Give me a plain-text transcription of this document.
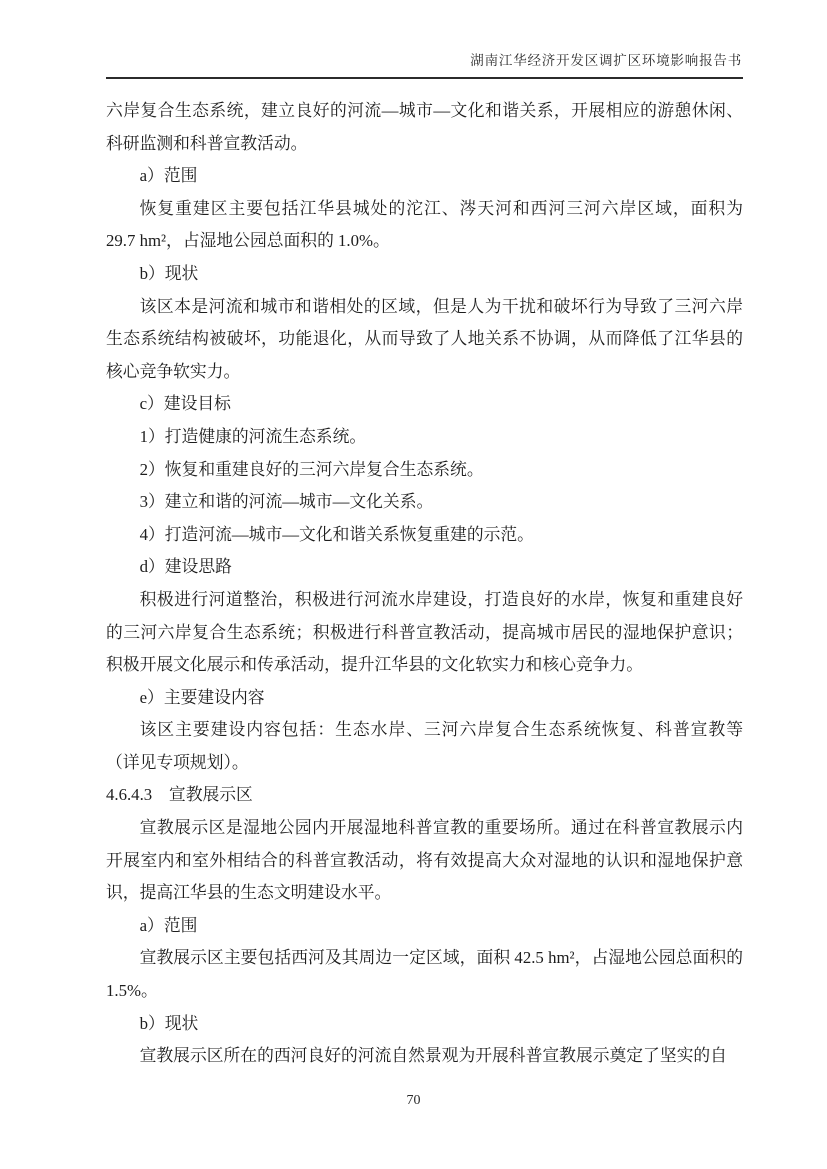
湖南江华经济开发区调扩区环境影响报告书

六岸复合生态系统，建立良好的河流—城市—文化和谐关系，开展相应的游憩休闲、科研监测和科普宣教活动。

a）范围

恢复重建区主要包括江华县城处的沱江、涔天河和西河三河六岸区域，面积为 29.7 hm²，占湿地公园总面积的 1.0%。

b）现状

该区本是河流和城市和谐相处的区域，但是人为干扰和破坏行为导致了三河六岸生态系统结构被破坏，功能退化，从而导致了人地关系不协调，从而降低了江华县的核心竞争软实力。

c）建设目标

1）打造健康的河流生态系统。

2）恢复和重建良好的三河六岸复合生态系统。

3）建立和谐的河流—城市—文化关系。

4）打造河流—城市—文化和谐关系恢复重建的示范。

d）建设思路

积极进行河道整治，积极进行河流水岸建设，打造良好的水岸，恢复和重建良好的三河六岸复合生态系统；积极进行科普宣教活动，提高城市居民的湿地保护意识；积极开展文化展示和传承活动，提升江华县的文化软实力和核心竞争力。

e）主要建设内容

该区主要建设内容包括：生态水岸、三河六岸复合生态系统恢复、科普宣教等（详见专项规划）。

4.6.4.3　宣教展示区

宣教展示区是湿地公园内开展湿地科普宣教的重要场所。通过在科普宣教展示内开展室内和室外相结合的科普宣教活动，将有效提高大众对湿地的认识和湿地保护意识，提高江华县的生态文明建设水平。

a）范围

宣教展示区主要包括西河及其周边一定区域，面积 42.5 hm²，占湿地公园总面积的 1.5%。

b）现状

宣教展示区所在的西河良好的河流自然景观为开展科普宣教展示奠定了坚实的自

70
